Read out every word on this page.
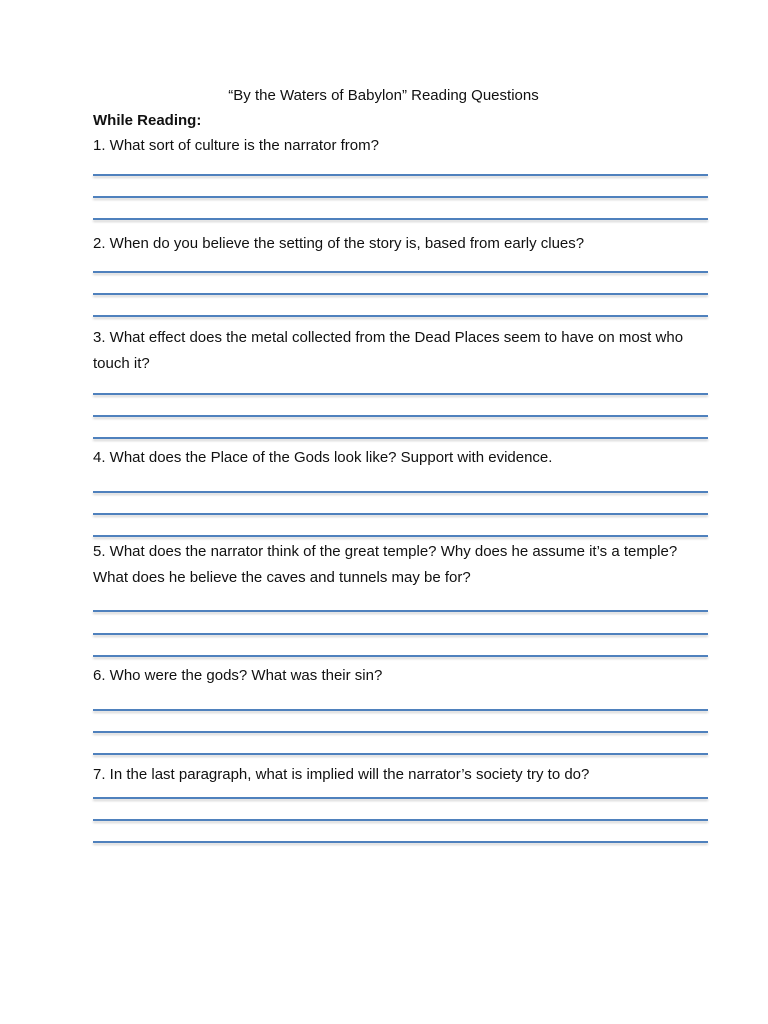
“By the Waters of Babylon” Reading Questions
While Reading:
1. What sort of culture is the narrator from?
2. When do you believe the setting of the story is, based from early clues?
3. What effect does the metal collected from the Dead Places seem to have on most who touch it?
4. What does the Place of the Gods look like? Support with evidence.
5. What does the narrator think of the great temple? Why does he assume it’s a temple? What does he believe the caves and tunnels may be for?
6. Who were the gods? What was their sin?
7. In the last paragraph, what is implied will the narrator’s society try to do?
